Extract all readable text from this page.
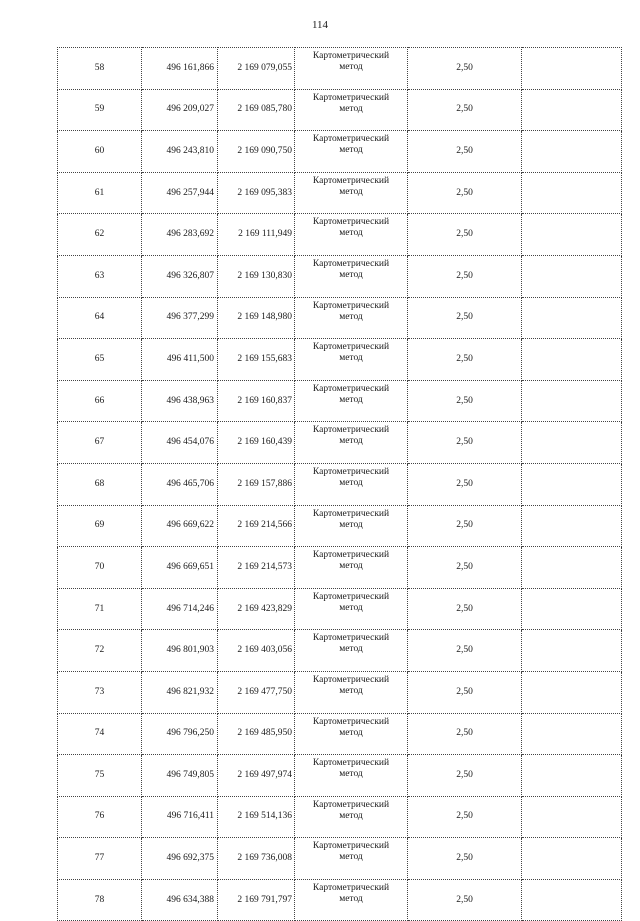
114
58	496 161,866	2 169 079,055	Картометрический
метод	2,50	
59	496 209,027	2 169 085,780	Картометрический
метод	2,50	
60	496 243,810	2 169 090,750	Картометрический
метод	2,50	
61	496 257,944	2 169 095,383	Картометрический
метод	2,50	
62	496 283,692	2 169 111,949	Картометрический
метод	2,50	
63	496 326,807	2 169 130,830	Картометрический
метод	2,50	
64	496 377,299	2 169 148,980	Картометрический
метод	2,50	
65	496 411,500	2 169 155,683	Картометрический
метод	2,50	
66	496 438,963	2 169 160,837	Картометрический
метод	2,50	
67	496 454,076	2 169 160,439	Картометрический
метод	2,50	
68	496 465,706	2 169 157,886	Картометрический
метод	2,50	
69	496 669,622	2 169 214,566	Картометрический
метод	2,50	
70	496 669,651	2 169 214,573	Картометрический
метод	2,50	
71	496 714,246	2 169 423,829	Картометрический
метод	2,50	
72	496 801,903	2 169 403,056	Картометрический
метод	2,50	
73	496 821,932	2 169 477,750	Картометрический
метод	2,50	
74	496 796,250	2 169 485,950	Картометрический
метод	2,50	
75	496 749,805	2 169 497,974	Картометрический
метод	2,50	
76	496 716,411	2 169 514,136	Картометрический
метод	2,50	
77	496 692,375	2 169 736,008	Картометрический
метод	2,50	
78	496 634,388	2 169 791,797	Картометрический
метод	2,50	
